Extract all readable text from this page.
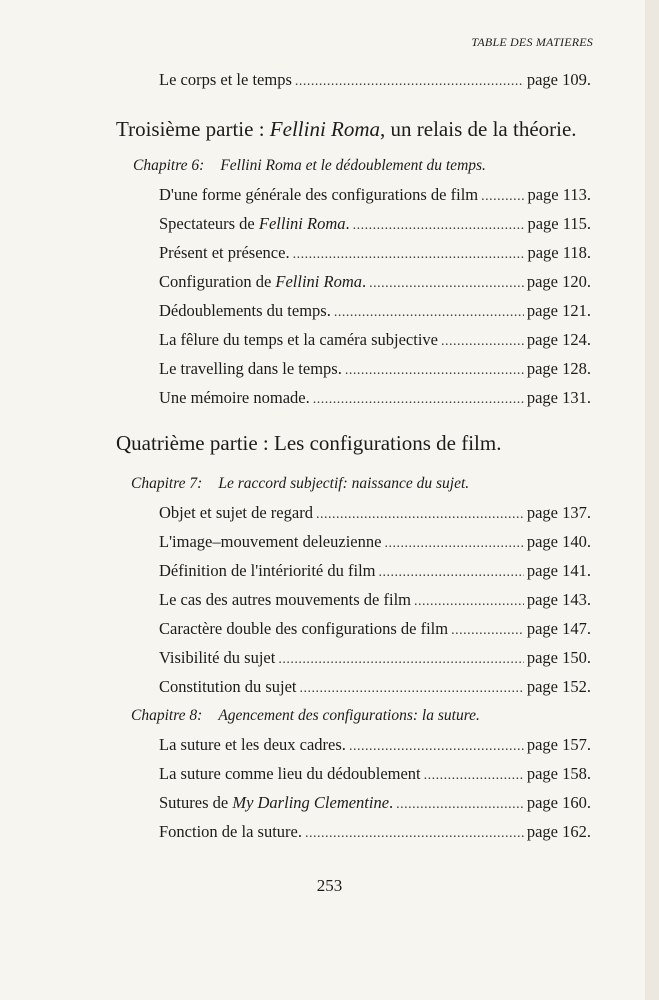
TABLE DES MATIERES
Le corps et le temps .....	page 109.
Troisième partie : Fellini Roma, un relais de la théorie.
Chapitre 6: Fellini Roma et le dédoublement du temps.
D'une forme générale des configurations de film .....	page 113.
Spectateurs de Fellini Roma. .....	page 115.
Présent et présence. .....	page 118.
Configuration de Fellini Roma. .....	page 120.
Dédoublements du temps. .....	page 121.
La fêlure du temps et la caméra subjective .....	page 124.
Le travelling dans le temps. .....	page 128.
Une mémoire nomade. .....	page 131.
Quatrième partie : Les configurations de film.
Chapitre 7: Le raccord subjectif: naissance du sujet.
Objet et sujet de regard .....	page 137.
L'image–mouvement deleuzienne .....	page 140.
Définition de l'intériorité du film .....	page 141.
Le cas des autres mouvements de film .....	page 143.
Caractère double des configurations de film .....	page 147.
Visibilité du sujet .....	page 150.
Constitution du sujet .....	page 152.
Chapitre 8: Agencement des configurations: la suture.
La suture et les deux cadres. .....	page 157.
La suture comme lieu du dédoublement .....	page 158.
Sutures de My Darling Clementine. .....	page 160.
Fonction de la suture. .....	page 162.
253
